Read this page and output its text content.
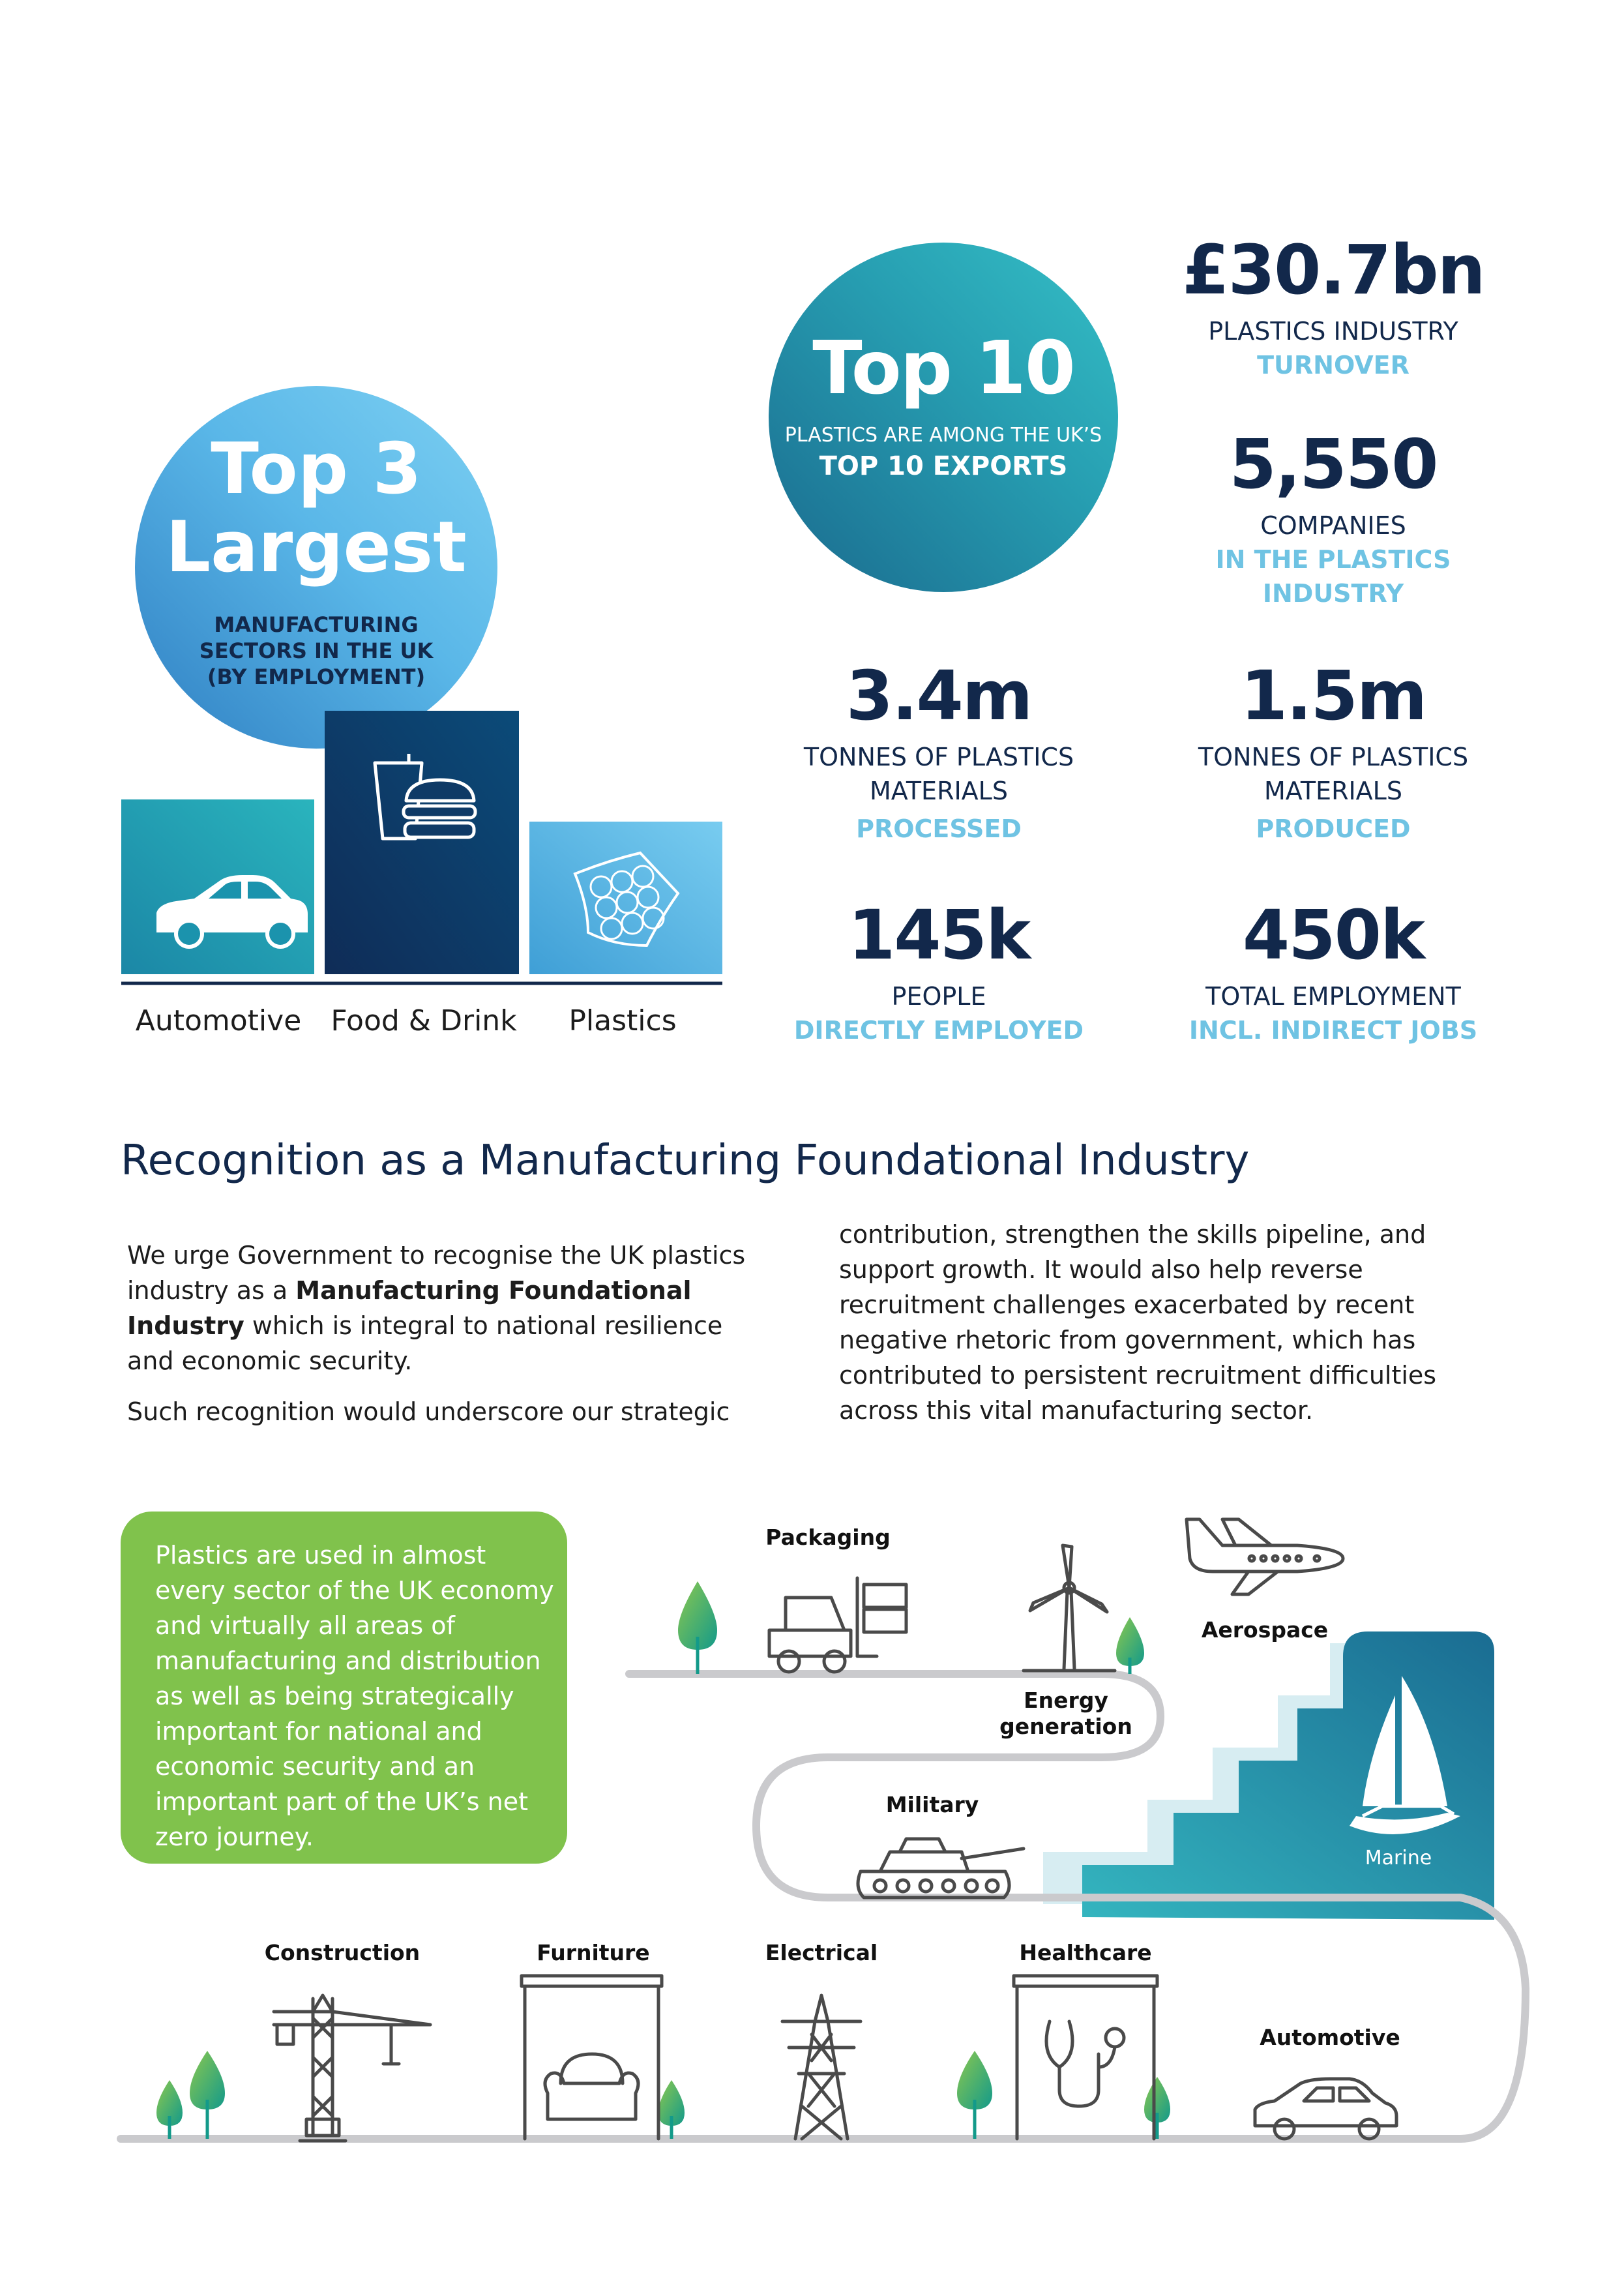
Top 3
Largest
MANUFACTURING
SECTORS IN THE UK
(BY EMPLOYMENT)
Automotive	Food & Drink	Plastics
Top 10
PLASTICS ARE AMONG THE UK’S
TOP 10 EXPORTS
£30.7bn
PLASTICS INDUSTRY
TURNOVER
5,550
COMPANIES
IN THE PLASTICS
INDUSTRY
3.4m
TONNES OF PLASTICS
MATERIALS
PROCESSED
1.5m
TONNES OF PLASTICS
MATERIALS
PRODUCED
145k
PEOPLE
DIRECTLY EMPLOYED
450k
TOTAL EMPLOYMENT
INCL. INDIRECT JOBS
Recognition as a Manufacturing Foundational Industry
We urge Government to recognise the UK plastics industry as a Manufacturing Foundational Industry which is integral to national resilience and economic security.
Such recognition would underscore our strategic
contribution, strengthen the skills pipeline, and support growth. It would also help reverse recruitment challenges exacerbated by recent negative rhetoric from government, which has contributed to persistent recruitment difficulties across this vital manufacturing sector.
Plastics are used in almost every sector of the UK economy and virtually all areas of manufacturing and distribution as well as being strategically important for national and economic security and an important part of the UK’s net zero journey.
Packaging
Aerospace
Energy
generation
Military
Marine
Construction	Furniture	Electrical	Healthcare
Automotive
